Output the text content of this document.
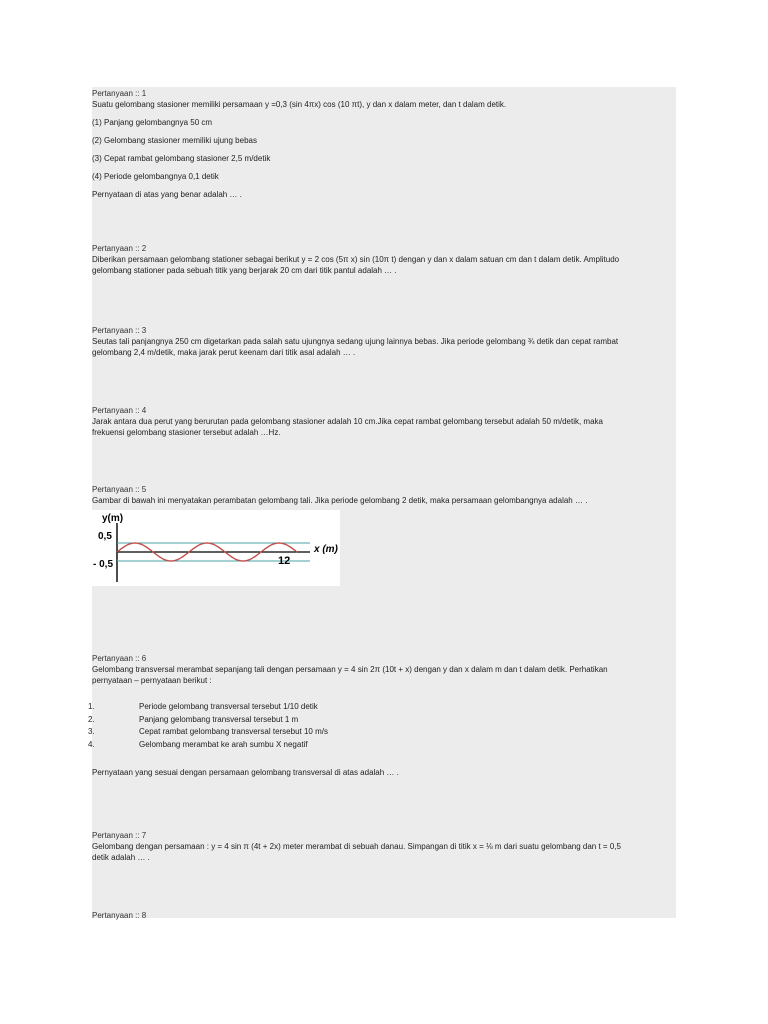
Pertanyaan :: 1

Suatu gelombang stasioner memiliki persamaan y =0,3 (sin 4πx) cos (10 πt), y dan x dalam meter, dan t dalam detik.

(1) Panjang gelombangnya 50 cm

(2) Gelombang stasioner memiliki ujung bebas

(3) Cepat rambat gelombang stasioner 2,5 m/detik

(4) Periode gelombangnya 0,1 detik

Pernyataan di atas yang benar adalah … .

Pertanyaan :: 2

Diberikan persamaan gelombang stationer sebagai berikut y = 2 cos (5π x) sin (10π t) dengan y dan x dalam satuan cm dan t dalam detik. Amplitudo

gelombang stationer pada sebuah titik yang berjarak 20 cm dari titik pantul adalah … .

Pertanyaan :: 3

Seutas tali panjangnya 250 cm digetarkan pada salah satu ujungnya sedang ujung lainnya bebas. Jika periode gelombang ¾ detik dan cepat rambat

gelombang 2,4 m/detik, maka jarak perut keenam dari titik asal adalah … .

Pertanyaan :: 4

Jarak antara dua perut yang berurutan pada gelombang stasioner adalah 10 cm.Jika cepat rambat gelombang tersebut adalah 50 m/detik, maka

frekuensi gelombang stasioner tersebut adalah …Hz.

Pertanyaan :: 5

Gambar di bawah ini menyatakan perambatan gelombang tali. Jika periode gelombang 2 detik, maka persamaan gelombangnya adalah … .

y(m)
0,5
- 0,5
x (m)
12

Pertanyaan :: 6

Gelombang transversal merambat sepanjang tali dengan persamaan y = 4 sin 2π (10t + x) dengan y dan x dalam m dan t dalam detik. Perhatikan

pernyataan – pernyataan berikut :

1.	Periode gelombang transversal tersebut 1/10 detik
2.	Panjang gelombang transversal tersebut 1 m
3.	Cepat rambat gelombang transversal tersebut 10 m/s
4.	Gelombang merambat ke arah sumbu X negatif

Pernyataan yang sesuai dengan persamaan gelombang transversal di atas adalah … .

Pertanyaan :: 7

Gelombang dengan persamaan : y = 4 sin π (4t + 2x) meter merambat di sebuah danau. Simpangan di titik x = ⅛ m dari suatu gelombang dan t = 0,5

detik adalah … .

Pertanyaan :: 8
